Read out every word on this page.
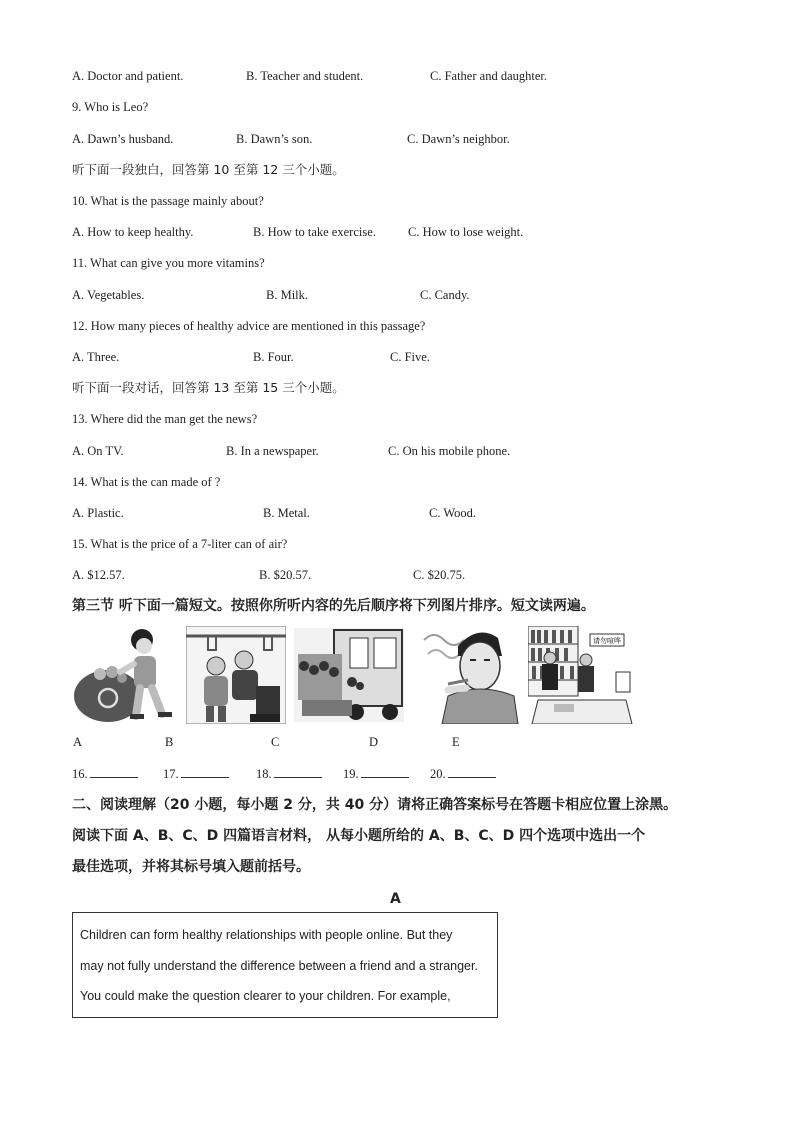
A. Doctor and patient.	B. Teacher and student.	C. Father and daughter.
9. Who is Leo?
A. Dawn’s husband.	B. Dawn’s son.	C. Dawn’s neighbor.
听下面一段独白，回答第 10 至第 12 三个小题。
10. What is the passage mainly about?
A. How to keep healthy.	B. How to take exercise.	C. How to lose weight.
11. What can give you more vitamins?
A. Vegetables.	B. Milk.	C. Candy.
12. How many pieces of healthy advice are mentioned in this passage?
A. Three.	B. Four.	C. Five.
听下面一段对话，回答第 13 至第 15 三个小题。
13. Where did the man get the news?
A. On TV.	B. In a newspaper.	C. On his mobile phone.
14. What is the can made of ?
A. Plastic.	B. Metal.	C. Wood.
15. What is the price of a 7-liter can of air?
A. $12.57.	B. $20.57.	C. $20.75.
第三节 听下面一篇短文。按照你所听内容的先后顺序将下列图片排序。短文读两遍。
请勿喧哗
A	B	C	D	E
16.	17.	18.	19.	20.
二、阅读理解（20 小题，每小题 2 分，共 40 分）请将正确答案标号在答题卡相应位置上涂黑。
阅读下面 A、B、C、D 四篇语言材料， 从每小题所给的 A、B、C、D 四个选项中选出一个
最佳选项，并将其标号填入题前括号。
A
Children can form healthy relationships with people online. But they
may not fully understand the difference between a friend and a stranger.
You could make the question clearer to your children. For example,
